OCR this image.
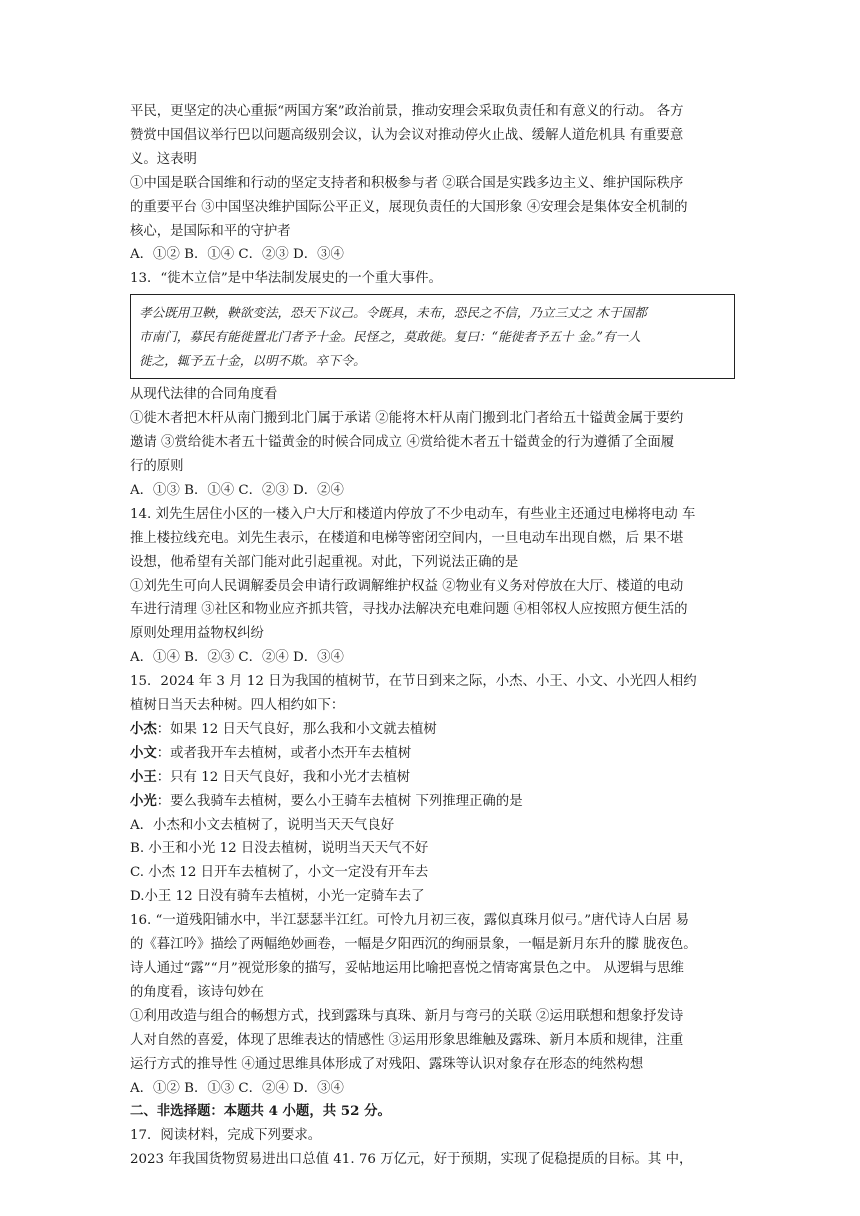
平民，更坚定的决心重振“两国方案”政治前景，推动安理会采取负责任和有意义的行动。 各方
赞赏中国倡议举行巴以问题高级别会议，认为会议对推动停火止战、缓解人道危机具 有重要意
义。这表明
①中国是联合国维和行动的坚定支持者和积极参与者 ②联合国是实践多边主义、维护国际秩序
的重要平台 ③中国坚决维护国际公平正义，展现负责任的大国形象 ④安理会是集体安全机制的
核心，是国际和平的守护者
A．①② B．①④ C．②③ D．③④
13．“徙木立信”是中华法制发展史的一个重大事件。
孝公既用卫鞅，鞅欲变法，恐天下议己。令既具，未布，恐民之不信，乃立三丈之 木于国都
市南门，募民有能徙置北门者予十金。民怪之，莫敢徙。复曰：“能徙者予五十 金。”有一人
徙之，辄予五十金，以明不欺。卒下令。
从现代法律的合同角度看
①徙木者把木杆从南门搬到北门属于承诺 ②能将木杆从南门搬到北门者给五十镒黄金属于要约
邀请 ③赏给徙木者五十镒黄金的时候合同成立 ④赏给徙木者五十镒黄金的行为遵循了全面履
行的原则
A．①③ B．①④ C．②③ D．②④
14. 刘先生居住小区的一楼入户大厅和楼道内停放了不少电动车，有些业主还通过电梯将电动 车
推上楼拉线充电。刘先生表示，在楼道和电梯等密闭空间内，一旦电动车出现自燃，后 果不堪
设想，他希望有关部门能对此引起重视。对此，下列说法正确的是
①刘先生可向人民调解委员会申请行政调解维护权益 ②物业有义务对停放在大厅、楼道的电动
车进行清理 ③社区和物业应齐抓共管，寻找办法解决充电难问题 ④相邻权人应按照方便生活的
原则处理用益物权纠纷
A．①④ B．②③ C．②④ D．③④
15．2024 年 3 月 12 日为我国的植树节，在节日到来之际，小杰、小王、小文、小光四人相约
植树日当天去种树。四人相约如下：
小杰：如果 12 日天气良好，那么我和小文就去植树
小文：或者我开车去植树，或者小杰开车去植树
小王：只有 12 日天气良好，我和小光才去植树
小光：要么我骑车去植树，要么小王骑车去植树 下列推理正确的是
A．小杰和小文去植树了，说明当天天气良好
B. 小王和小光 12 日没去植树，说明当天天气不好
C. 小杰 12 日开车去植树了，小文一定没有开车去
D.小王 12 日没有骑车去植树，小光一定骑车去了
16. “一道残阳铺水中，半江瑟瑟半江红。可怜九月初三夜，露似真珠月似弓。”唐代诗人白居 易
的《暮江吟》描绘了两幅绝妙画卷，一幅是夕阳西沉的绚丽景象，一幅是新月东升的朦 胧夜色。
诗人通过“露”“月”视觉形象的描写，妥帖地运用比喻把喜悦之情寄寓景色之中。 从逻辑与思维
的角度看，该诗句妙在
①利用改造与组合的畅想方式，找到露珠与真珠、新月与弯弓的关联 ②运用联想和想象抒发诗
人对自然的喜爱，体现了思维表达的情感性 ③运用形象思维触及露珠、新月本质和规律，注重
运行方式的推导性 ④通过思维具体形成了对残阳、露珠等认识对象存在形态的纯然构想
A．①② B．①③ C．②④ D．③④
二、非选择题：本题共 4 小题，共 52 分。
17．阅读材料，完成下列要求。
2023 年我国货物贸易进出口总值 41. 76 万亿元，好于预期，实现了促稳提质的目标。其 中，
